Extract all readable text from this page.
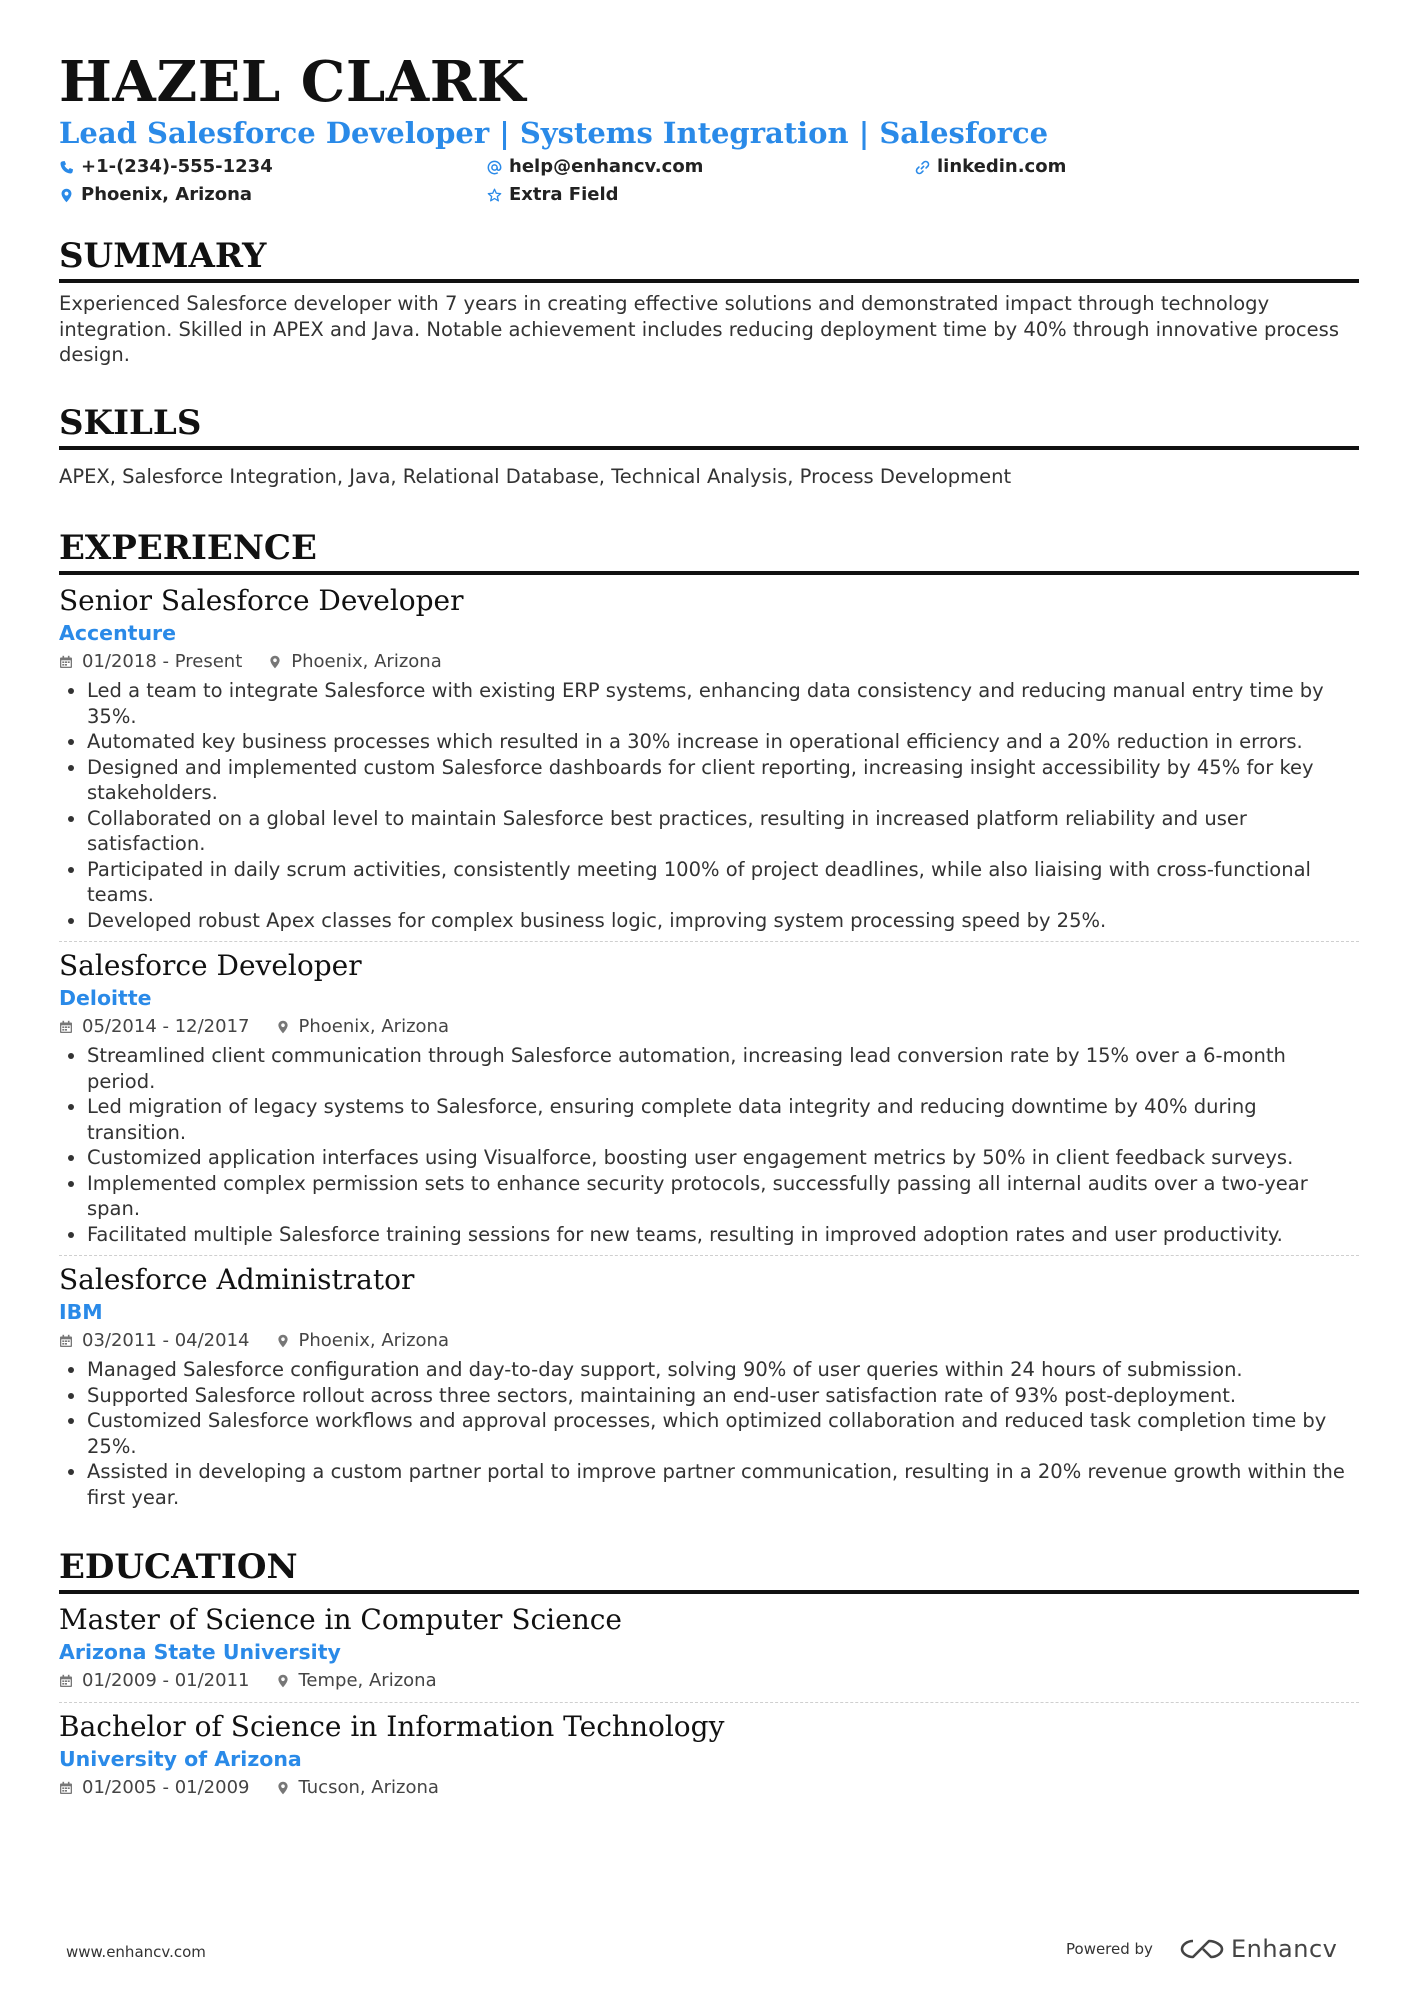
HAZEL CLARK
Lead Salesforce Developer | Systems Integration | Salesforce
+1-(234)-555-1234	help@enhancv.com	linkedin.com
Phoenix, Arizona	Extra Field
SUMMARY
Experienced Salesforce developer with 7 years in creating effective solutions and demonstrated impact through technology integration. Skilled in APEX and Java. Notable achievement includes reducing deployment time by 40% through innovative process design.
SKILLS
APEX, Salesforce Integration, Java, Relational Database, Technical Analysis, Process Development
EXPERIENCE
Senior Salesforce Developer
Accenture
01/2018 - Present	Phoenix, Arizona
• Led a team to integrate Salesforce with existing ERP systems, enhancing data consistency and reducing manual entry time by 35%.
• Automated key business processes which resulted in a 30% increase in operational efficiency and a 20% reduction in errors.
• Designed and implemented custom Salesforce dashboards for client reporting, increasing insight accessibility by 45% for key stakeholders.
• Collaborated on a global level to maintain Salesforce best practices, resulting in increased platform reliability and user satisfaction.
• Participated in daily scrum activities, consistently meeting 100% of project deadlines, while also liaising with cross-functional teams.
• Developed robust Apex classes for complex business logic, improving system processing speed by 25%.
Salesforce Developer
Deloitte
05/2014 - 12/2017	Phoenix, Arizona
• Streamlined client communication through Salesforce automation, increasing lead conversion rate by 15% over a 6-month period.
• Led migration of legacy systems to Salesforce, ensuring complete data integrity and reducing downtime by 40% during transition.
• Customized application interfaces using Visualforce, boosting user engagement metrics by 50% in client feedback surveys.
• Implemented complex permission sets to enhance security protocols, successfully passing all internal audits over a two-year span.
• Facilitated multiple Salesforce training sessions for new teams, resulting in improved adoption rates and user productivity.
Salesforce Administrator
IBM
03/2011 - 04/2014	Phoenix, Arizona
• Managed Salesforce configuration and day-to-day support, solving 90% of user queries within 24 hours of submission.
• Supported Salesforce rollout across three sectors, maintaining an end-user satisfaction rate of 93% post-deployment.
• Customized Salesforce workflows and approval processes, which optimized collaboration and reduced task completion time by 25%.
• Assisted in developing a custom partner portal to improve partner communication, resulting in a 20% revenue growth within the first year.
EDUCATION
Master of Science in Computer Science
Arizona State University
01/2009 - 01/2011	Tempe, Arizona
Bachelor of Science in Information Technology
University of Arizona
01/2005 - 01/2009	Tucson, Arizona
www.enhancv.com	Powered by	Enhancv
